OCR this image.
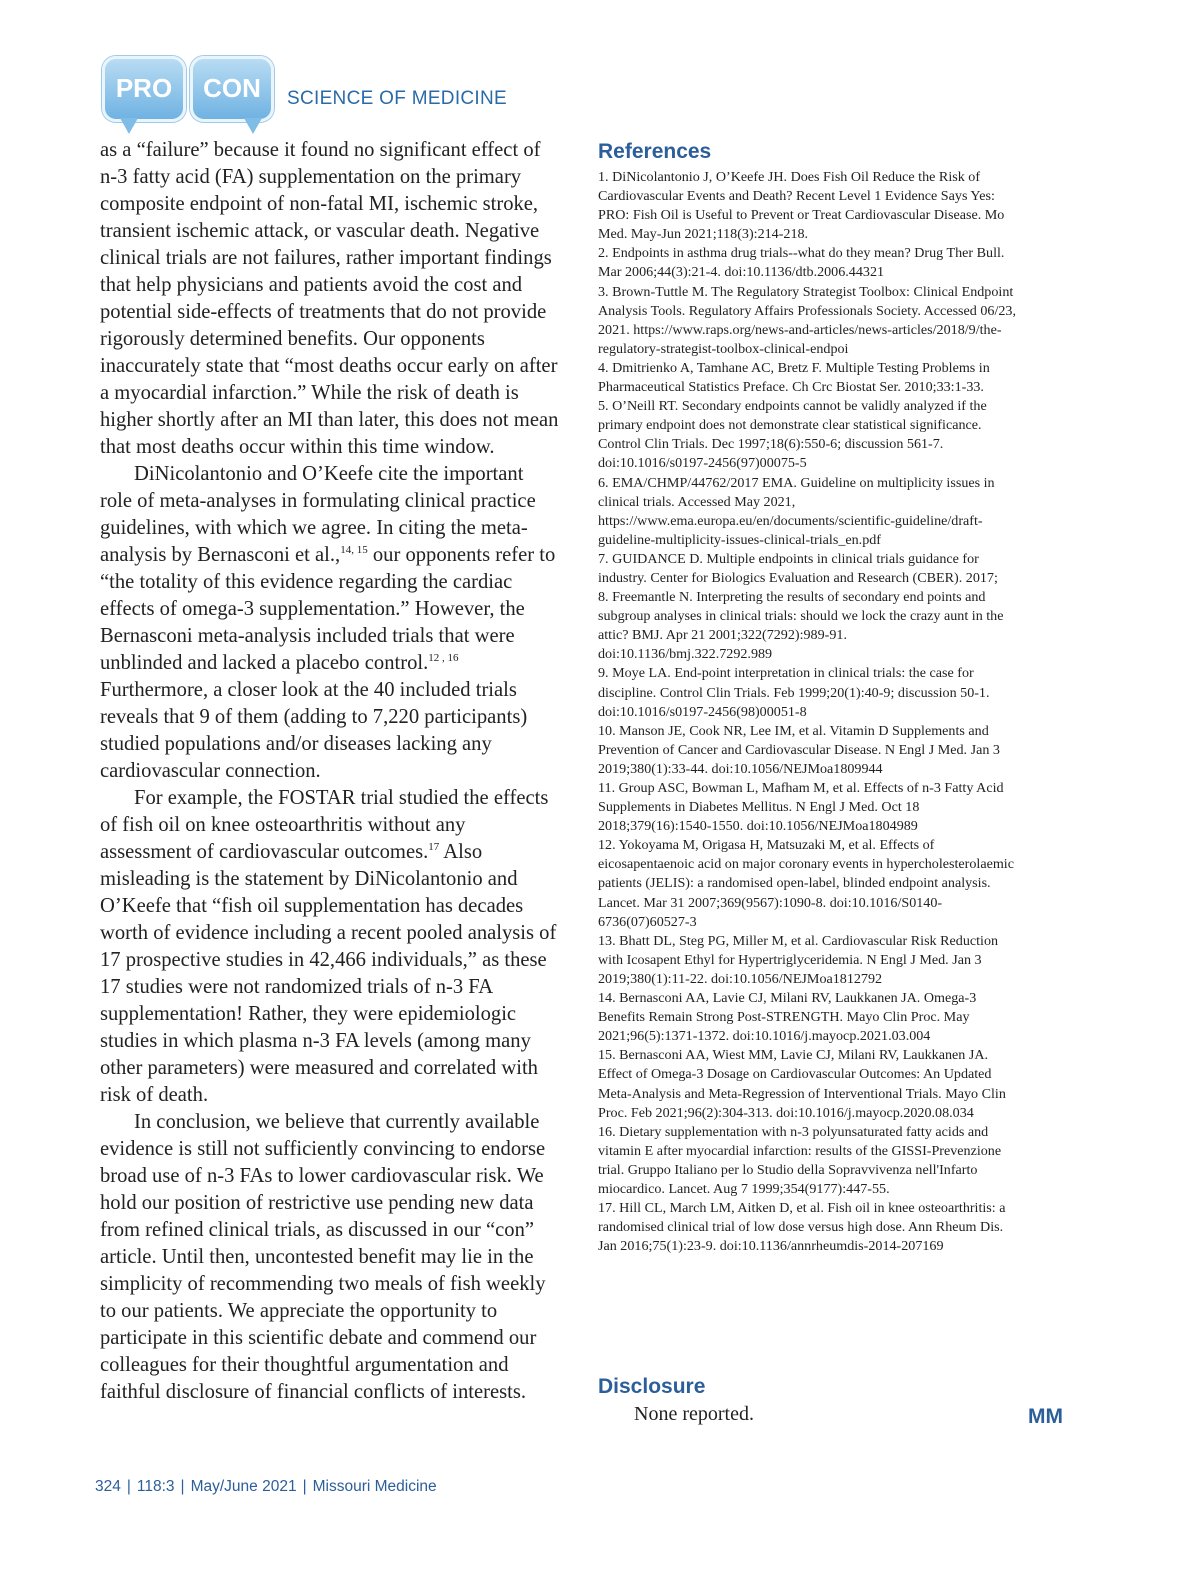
PRO	CON	SCIENCE OF MEDICINE

as a “failure” because it found no significant effect of n-3 fatty acid (FA) supplementation on the primary composite endpoint of non-fatal MI, ischemic stroke, transient ischemic attack, or vascular death. Negative clinical trials are not failures, rather important findings that help physicians and patients avoid the cost and potential side-effects of treatments that do not provide rigorously determined benefits. Our opponents inaccurately state that “most deaths occur early on after a myocardial infarction.” While the risk of death is higher shortly after an MI than later, this does not mean that most deaths occur within this time window.

DiNicolantonio and O’Keefe cite the important role of meta-analyses in formulating clinical practice guidelines, with which we agree. In citing the meta-analysis by Bernasconi et al.,$^{14, 15}$ our opponents refer to “the totality of this evidence regarding the cardiac effects of omega-3 supplementation.” However, the Bernasconi meta-analysis included trials that were unblinded and lacked a placebo control.$^{12 , 16}$ Furthermore, a closer look at the 40 included trials reveals that 9 of them (adding to 7,220 participants) studied populations and/or diseases lacking any cardiovascular connection.

For example, the FOSTAR trial studied the effects of fish oil on knee osteoarthritis without any assessment of cardiovascular outcomes.$^{17}$ Also misleading is the statement by DiNicolantonio and O’Keefe that “fish oil supplementation has decades worth of evidence including a recent pooled analysis of 17 prospective studies in 42,466 individuals,” as these 17 studies were not randomized trials of n-3 FA supplementation! Rather, they were epidemiologic studies in which plasma n-3 FA levels (among many other parameters) were measured and correlated with risk of death.

In conclusion, we believe that currently available evidence is still not sufficiently convincing to endorse broad use of n-3 FAs to lower cardiovascular risk. We hold our position of restrictive use pending new data from refined clinical trials, as discussed in our “con” article. Until then, uncontested benefit may lie in the simplicity of recommending two meals of fish weekly to our patients. We appreciate the opportunity to participate in this scientific debate and commend our colleagues for their thoughtful argumentation and faithful disclosure of financial conflicts of interests.

References
1. DiNicolantonio J, O’Keefe JH. Does Fish Oil Reduce the Risk of Cardiovascular Events and Death? Recent Level 1 Evidence Says Yes: PRO: Fish Oil is Useful to Prevent or Treat Cardiovascular Disease. Mo Med. May-Jun 2021;118(3):214-218.
2. Endpoints in asthma drug trials--what do they mean? Drug Ther Bull. Mar 2006;44(3):21-4. doi:10.1136/dtb.2006.44321
3. Brown-Tuttle M. The Regulatory Strategist Toolbox: Clinical Endpoint Analysis Tools. Regulatory Affairs Professionals Society. Accessed 06/23, 2021. https://www.raps.org/news-and-articles/news-articles/2018/9/the-regulatory-strategist-toolbox-clinical-endpoi
4. Dmitrienko A, Tamhane AC, Bretz F. Multiple Testing Problems in Pharmaceutical Statistics Preface. Ch Crc Biostat Ser. 2010;33:1-33.
5. O’Neill RT. Secondary endpoints cannot be validly analyzed if the primary endpoint does not demonstrate clear statistical significance. Control Clin Trials. Dec 1997;18(6):550-6; discussion 561-7. doi:10.1016/s0197-2456(97)00075-5
6. EMA/CHMP/44762/2017 EMA. Guideline on multiplicity issues in clinical trials. Accessed May 2021, https://www.ema.europa.eu/en/documents/scientific-guideline/draft-guideline-multiplicity-issues-clinical-trials_en.pdf
7. GUIDANCE D. Multiple endpoints in clinical trials guidance for industry. Center for Biologics Evaluation and Research (CBER). 2017;
8. Freemantle N. Interpreting the results of secondary end points and subgroup analyses in clinical trials: should we lock the crazy aunt in the attic? BMJ. Apr 21 2001;322(7292):989-91. doi:10.1136/bmj.322.7292.989
9. Moye LA. End-point interpretation in clinical trials: the case for discipline. Control Clin Trials. Feb 1999;20(1):40-9; discussion 50-1. doi:10.1016/s0197-2456(98)00051-8
10. Manson JE, Cook NR, Lee IM, et al. Vitamin D Supplements and Prevention of Cancer and Cardiovascular Disease. N Engl J Med. Jan 3 2019;380(1):33-44. doi:10.1056/NEJMoa1809944
11. Group ASC, Bowman L, Mafham M, et al. Effects of n-3 Fatty Acid Supplements in Diabetes Mellitus. N Engl J Med. Oct 18 2018;379(16):1540-1550. doi:10.1056/NEJMoa1804989
12. Yokoyama M, Origasa H, Matsuzaki M, et al. Effects of eicosapentaenoic acid on major coronary events in hypercholesterolaemic patients (JELIS): a randomised open-label, blinded endpoint analysis. Lancet. Mar 31 2007;369(9567):1090-8. doi:10.1016/S0140-6736(07)60527-3
13. Bhatt DL, Steg PG, Miller M, et al. Cardiovascular Risk Reduction with Icosapent Ethyl for Hypertriglyceridemia. N Engl J Med. Jan 3 2019;380(1):11-22. doi:10.1056/NEJMoa1812792
14. Bernasconi AA, Lavie CJ, Milani RV, Laukkanen JA. Omega-3 Benefits Remain Strong Post-STRENGTH. Mayo Clin Proc. May 2021;96(5):1371-1372. doi:10.1016/j.mayocp.2021.03.004
15. Bernasconi AA, Wiest MM, Lavie CJ, Milani RV, Laukkanen JA. Effect of Omega-3 Dosage on Cardiovascular Outcomes: An Updated Meta-Analysis and Meta-Regression of Interventional Trials. Mayo Clin Proc. Feb 2021;96(2):304-313. doi:10.1016/j.mayocp.2020.08.034
16. Dietary supplementation with n-3 polyunsaturated fatty acids and vitamin E after myocardial infarction: results of the GISSI-Prevenzione trial. Gruppo Italiano per lo Studio della Sopravvivenza nell'Infarto miocardico. Lancet. Aug 7 1999;354(9177):447-55.
17. Hill CL, March LM, Aitken D, et al. Fish oil in knee osteoarthritis: a randomised clinical trial of low dose versus high dose. Ann Rheum Dis. Jan 2016;75(1):23-9. doi:10.1136/annrheumdis-2014-207169
Disclosure
None reported.	MM
324 | 118:3 | May/June 2021 | Missouri Medicine
